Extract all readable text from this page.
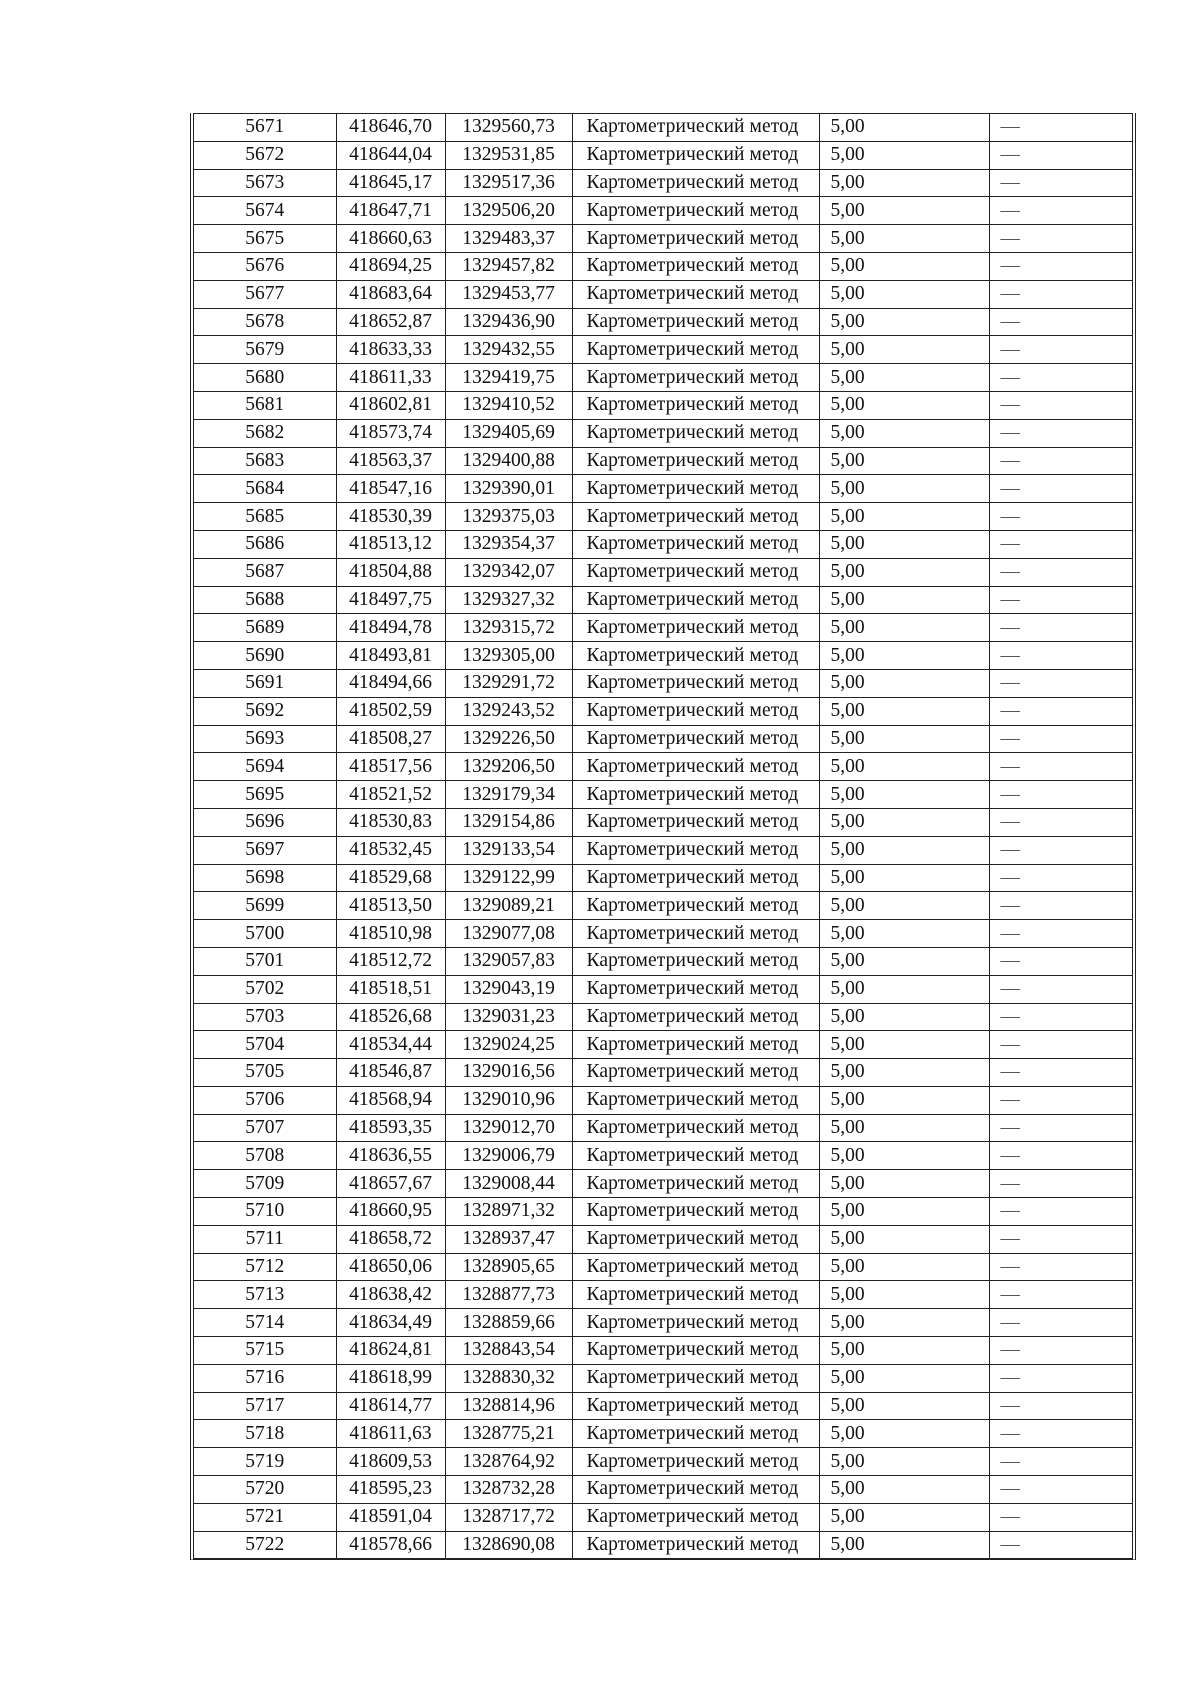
5671	418646,70	1329560,73	Картометрический метод	5,00	—
5672	418644,04	1329531,85	Картометрический метод	5,00	—
5673	418645,17	1329517,36	Картометрический метод	5,00	—
5674	418647,71	1329506,20	Картометрический метод	5,00	—
5675	418660,63	1329483,37	Картометрический метод	5,00	—
5676	418694,25	1329457,82	Картометрический метод	5,00	—
5677	418683,64	1329453,77	Картометрический метод	5,00	—
5678	418652,87	1329436,90	Картометрический метод	5,00	—
5679	418633,33	1329432,55	Картометрический метод	5,00	—
5680	418611,33	1329419,75	Картометрический метод	5,00	—
5681	418602,81	1329410,52	Картометрический метод	5,00	—
5682	418573,74	1329405,69	Картометрический метод	5,00	—
5683	418563,37	1329400,88	Картометрический метод	5,00	—
5684	418547,16	1329390,01	Картометрический метод	5,00	—
5685	418530,39	1329375,03	Картометрический метод	5,00	—
5686	418513,12	1329354,37	Картометрический метод	5,00	—
5687	418504,88	1329342,07	Картометрический метод	5,00	—
5688	418497,75	1329327,32	Картометрический метод	5,00	—
5689	418494,78	1329315,72	Картометрический метод	5,00	—
5690	418493,81	1329305,00	Картометрический метод	5,00	—
5691	418494,66	1329291,72	Картометрический метод	5,00	—
5692	418502,59	1329243,52	Картометрический метод	5,00	—
5693	418508,27	1329226,50	Картометрический метод	5,00	—
5694	418517,56	1329206,50	Картометрический метод	5,00	—
5695	418521,52	1329179,34	Картометрический метод	5,00	—
5696	418530,83	1329154,86	Картометрический метод	5,00	—
5697	418532,45	1329133,54	Картометрический метод	5,00	—
5698	418529,68	1329122,99	Картометрический метод	5,00	—
5699	418513,50	1329089,21	Картометрический метод	5,00	—
5700	418510,98	1329077,08	Картометрический метод	5,00	—
5701	418512,72	1329057,83	Картометрический метод	5,00	—
5702	418518,51	1329043,19	Картометрический метод	5,00	—
5703	418526,68	1329031,23	Картометрический метод	5,00	—
5704	418534,44	1329024,25	Картометрический метод	5,00	—
5705	418546,87	1329016,56	Картометрический метод	5,00	—
5706	418568,94	1329010,96	Картометрический метод	5,00	—
5707	418593,35	1329012,70	Картометрический метод	5,00	—
5708	418636,55	1329006,79	Картометрический метод	5,00	—
5709	418657,67	1329008,44	Картометрический метод	5,00	—
5710	418660,95	1328971,32	Картометрический метод	5,00	—
5711	418658,72	1328937,47	Картометрический метод	5,00	—
5712	418650,06	1328905,65	Картометрический метод	5,00	—
5713	418638,42	1328877,73	Картометрический метод	5,00	—
5714	418634,49	1328859,66	Картометрический метод	5,00	—
5715	418624,81	1328843,54	Картометрический метод	5,00	—
5716	418618,99	1328830,32	Картометрический метод	5,00	—
5717	418614,77	1328814,96	Картометрический метод	5,00	—
5718	418611,63	1328775,21	Картометрический метод	5,00	—
5719	418609,53	1328764,92	Картометрический метод	5,00	—
5720	418595,23	1328732,28	Картометрический метод	5,00	—
5721	418591,04	1328717,72	Картометрический метод	5,00	—
5722	418578,66	1328690,08	Картометрический метод	5,00	—
